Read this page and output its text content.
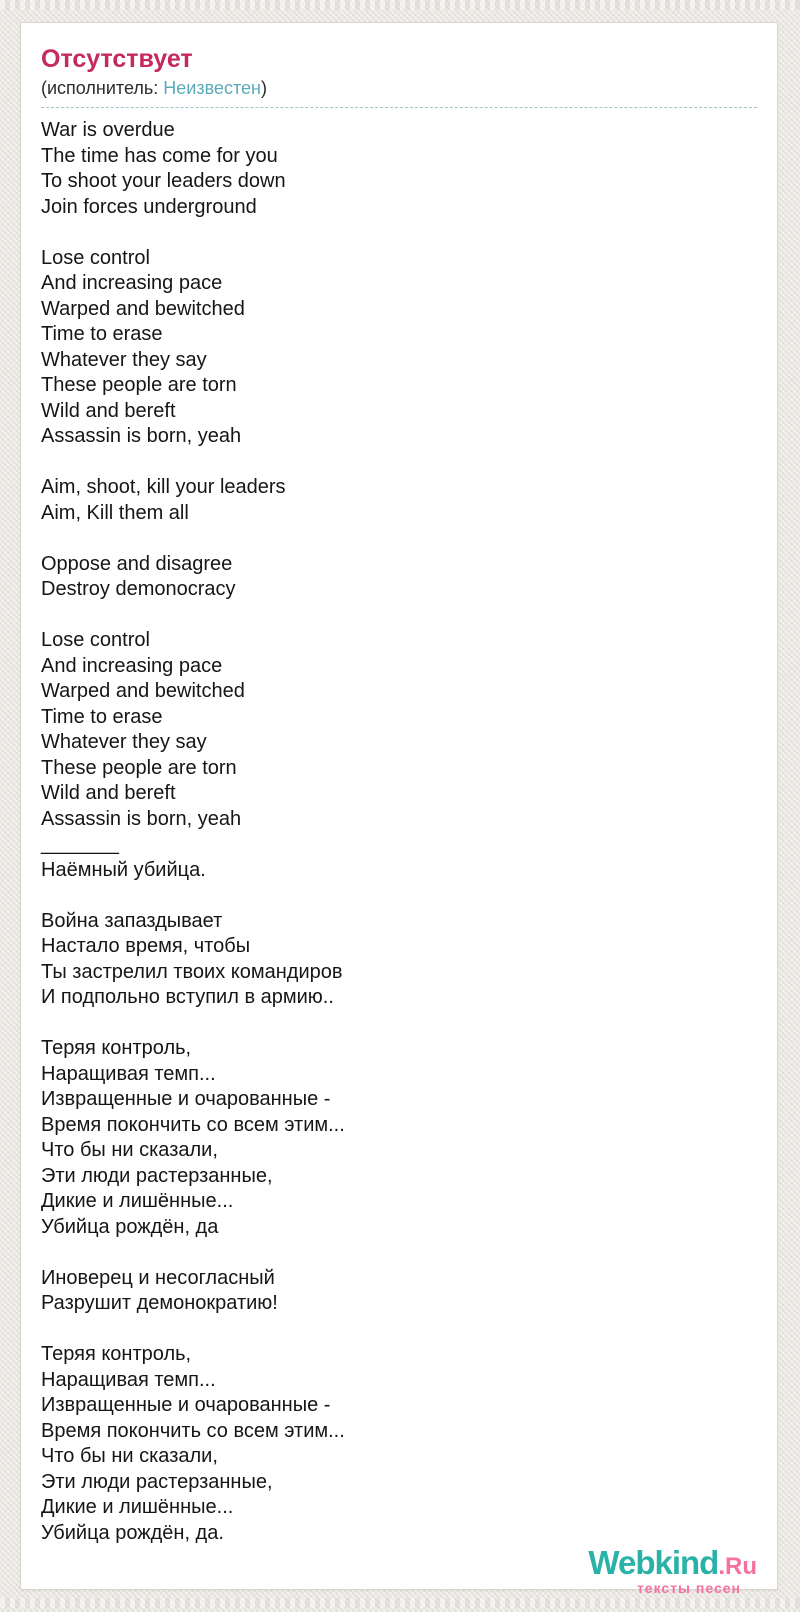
Отсутствует
(исполнитель: Неизвестен)
War is overdue
The time has come for you
To shoot your leaders down
Join forces underground

Lose control
And increasing pace
Warped and bewitched
Time to erase
Whatever they say
These people are torn
Wild and bereft
Assassin is born, yeah

Aim, shoot, kill your leaders
Aim, Kill them all

Oppose and disagree
Destroy demonocracy

Lose control
And increasing pace
Warped and bewitched
Time to erase
Whatever they say
These people are torn
Wild and bereft
Assassin is born, yeah
_______
Наёмный убийца.

Война запаздывает
Настало время, чтобы
Ты застрелил твоих командиров
И подпольно вступил в армию..

Теряя контроль,
Наращивая темп...
Извращенные и очарованные -
Время покончить со всем этим...
Что бы ни сказали,
Эти люди растерзанные,
Дикие и лишённые...
Убийца рождён, да

Иноверец и несогласный
Разрушит демонократию!

Теряя контроль,
Наращивая темп...
Извращенные и очарованные -
Время покончить со всем этим...
Что бы ни сказали,
Эти люди растерзанные,
Дикие и лишённые...
Убийца рождён, да.
Webkind.Ru
тексты песен
